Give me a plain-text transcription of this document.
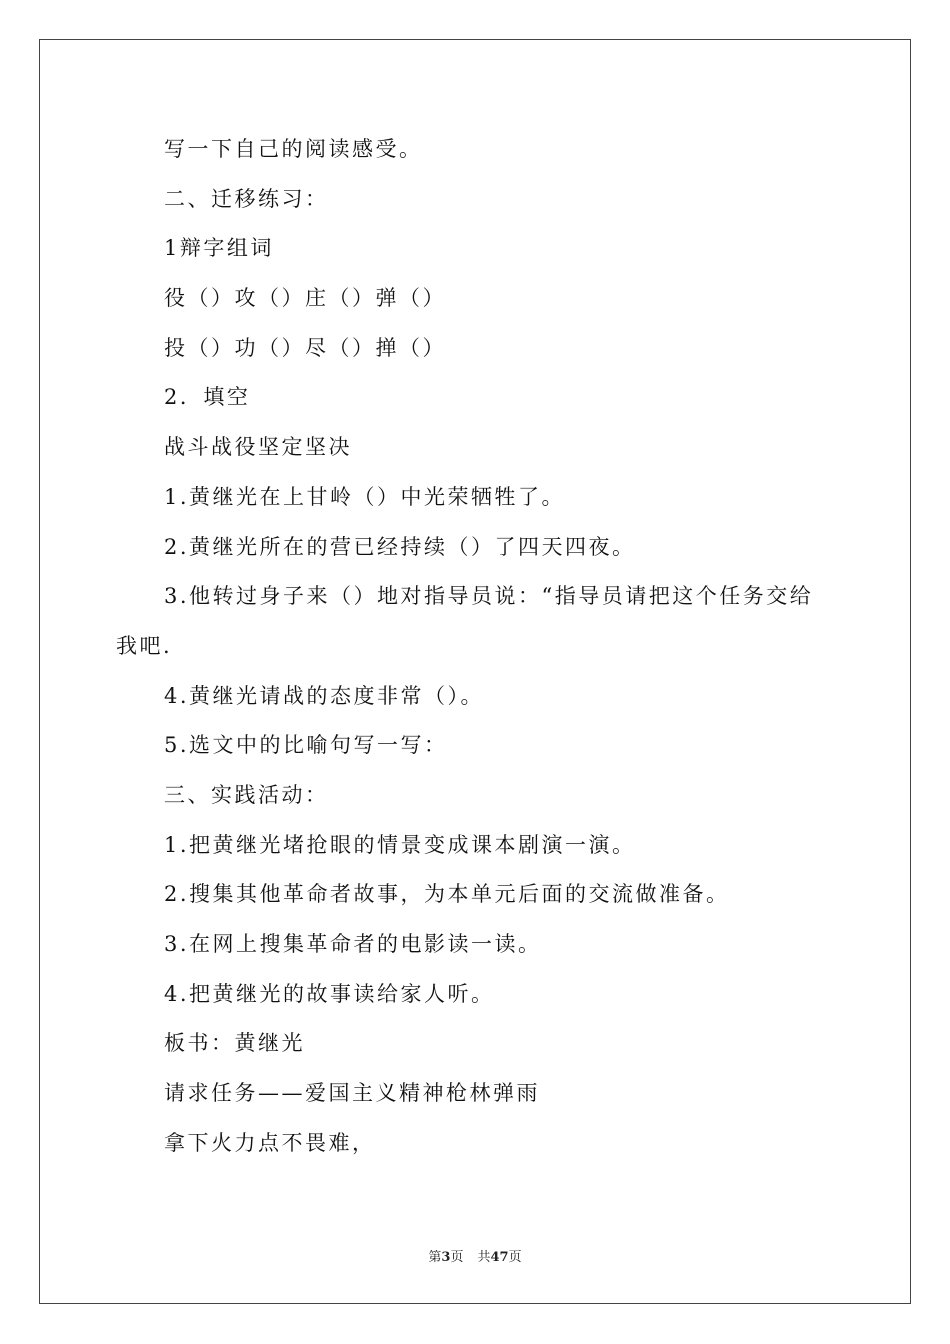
写一下自己的阅读感受。
二、迁移练习：
1辩字组词
役（）攻（）庄（）弹（）
投（）功（）尽（）掸（）
2．填空
战斗战役坚定坚决
1.黄继光在上甘岭（）中光荣牺牲了。
2.黄继光所在的营已经持续（）了四天四夜。
3.他转过身子来（）地对指导员说：“指导员请把这个任务交给
我吧.
4.黄继光请战的态度非常（）。
5.选文中的比喻句写一写：
三、实践活动：
1.把黄继光堵抢眼的情景变成课本剧演一演。
2.搜集其他革命者故事，为本单元后面的交流做准备。
3.在网上搜集革命者的电影读一读。
4.把黄继光的故事读给家人听。
板书：黄继光
请求任务——爱国主义精神枪林弹雨
拿下火力点不畏难，
第3页 共47页
